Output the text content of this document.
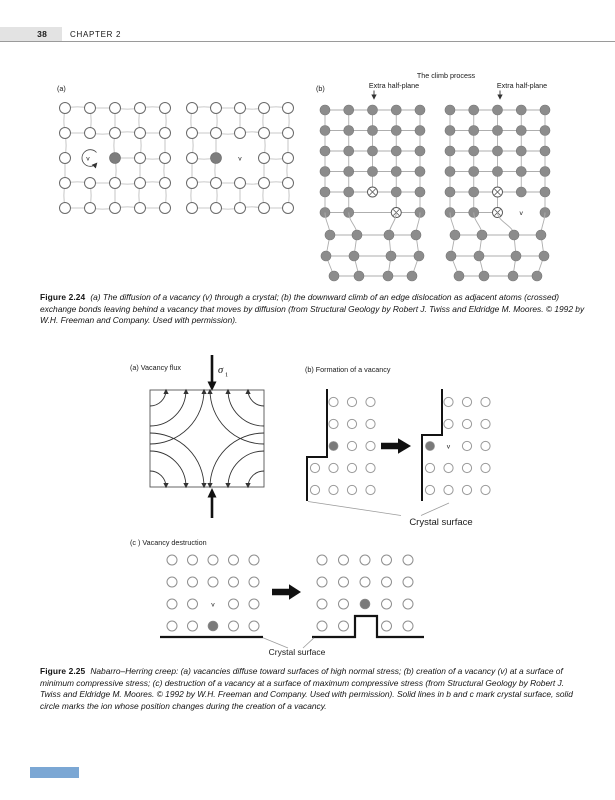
38	CHAPTER 2
(a)	(b)
The climb process
Extra half-plane	Extra half-plane
v	v
v
(a) Vacancy flux	σ 1
(b) Formation of a vacancy
v
Crystal surface
(c ) Vacancy destruction
v
Crystal surface

Figure 2.24 (a) The diffusion of a vacancy (v) through a crystal; (b) the downward climb of an edge dislocation as adjacent atoms (crossed) exchange bonds leaving behind a vacancy that moves by diffusion (from Structural Geology by Robert J. Twiss and Eldridge M. Moores. © 1992 by W.H. Freeman and Company. Used with permission).

Figure 2.25 Nabarro–Herring creep: (a) vacancies diffuse toward surfaces of high normal stress; (b) creation of a vacancy (v) at a surface of minimum compressive stress; (c) destruction of a vacancy at a surface of maximum compressive stress (from Structural Geology by Robert J. Twiss and Eldridge M. Moores. © 1992 by W.H. Freeman and Company. Used with permission). Solid lines in b and c mark crystal surface, solid circle marks the ion whose position changes during the creation of a vacancy.
